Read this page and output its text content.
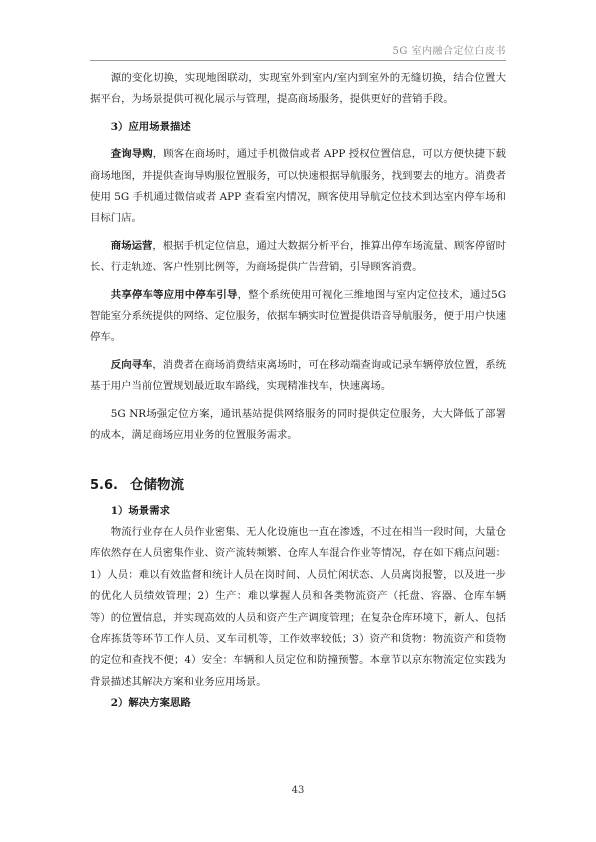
5G 室内融合定位白皮书

源的变化切换，实现地图联动，实现室外到室内/室内到室外的无缝切换，结合位置大据平台，为场景提供可视化展示与管理，提高商场服务，提供更好的营销手段。

3）应用场景描述

查询导购，顾客在商场时，通过手机微信或者 APP 授权位置信息，可以方便快捷下载商场地图，并提供查询导购服位置服务，可以快速根据导航服务，找到要去的地方。消费者使用 5G 手机通过微信或者 APP 查看室内情况，顾客使用导航定位技术到达室内停车场和目标门店。

商场运营，根据手机定位信息，通过大数据分析平台，推算出停车场流量、顾客停留时长、行走轨迹、客户性别比例等，为商场提供广告营销，引导顾客消费。

共享停车等应用中停车引导，整个系统使用可视化三维地图与室内定位技术，通过5G智能室分系统提供的网络、定位服务，依据车辆实时位置提供语音导航服务，便于用户快速停车。

反向寻车，消费者在商场消费结束离场时，可在移动端查询或记录车辆停放位置，系统基于用户当前位置规划最近取车路线，实现精准找车，快速离场。

5G NR场强定位方案，通讯基站提供网络服务的同时提供定位服务，大大降低了部署的成本，满足商场应用业务的位置服务需求。

5.6. 仓储物流

1）场景需求

物流行业存在人员作业密集、无人化设施也一直在渗透，不过在相当一段时间，大量仓库依然存在人员密集作业、资产流转频繁、仓库人车混合作业等情况，存在如下痛点问题：1）人员：难以有效监督和统计人员在岗时间、人员忙闲状态、人员离岗报警，以及进一步的优化人员绩效管理；2）生产：难以掌握人员和各类物流资产（托盘、容器、仓库车辆等）的位置信息，并实现高效的人员和资产生产调度管理；在复杂仓库环境下，新人、包括仓库拣货等环节工作人员、叉车司机等，工作效率较低；3）资产和货物：物流资产和货物的定位和查找不便；4）安全：车辆和人员定位和防撞预警。本章节以京东物流定位实践为背景描述其解决方案和业务应用场景。

2）解决方案思路

43
